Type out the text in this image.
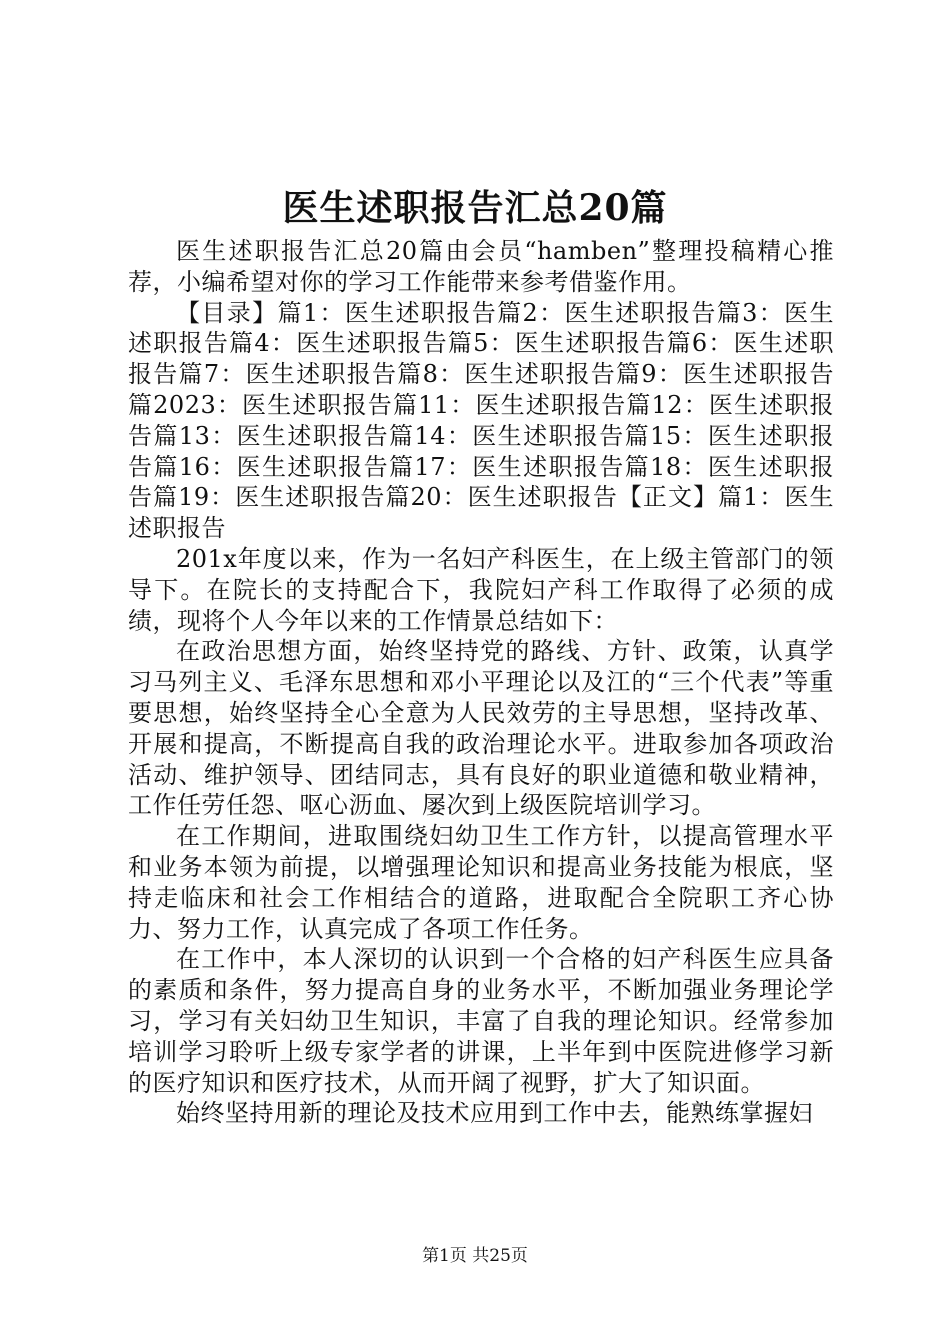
医生述职报告汇总20篇

医生述职报告汇总20篇由会员“hamben”整理投稿精心推荐，小编希望对你的学习工作能带来参考借鉴作用。

【目录】篇1：医生述职报告篇2：医生述职报告篇3：医生述职报告篇4：医生述职报告篇5：医生述职报告篇6：医生述职报告篇7：医生述职报告篇8：医生述职报告篇9：医生述职报告篇2023：医生述职报告篇11：医生述职报告篇12：医生述职报告篇13：医生述职报告篇14：医生述职报告篇15：医生述职报告篇16：医生述职报告篇17：医生述职报告篇18：医生述职报告篇19：医生述职报告篇20：医生述职报告【正文】篇1：医生述职报告

201x年度以来，作为一名妇产科医生，在上级主管部门的领导下。在院长的支持配合下，我院妇产科工作取得了必须的成绩，现将个人今年以来的工作情景总结如下：

在政治思想方面，始终坚持党的路线、方针、政策，认真学习马列主义、毛泽东思想和邓小平理论以及江的“三个代表”等重要思想，始终坚持全心全意为人民效劳的主导思想，坚持改革、开展和提高，不断提高自我的政治理论水平。进取参加各项政治活动、维护领导、团结同志，具有良好的职业道德和敬业精神，工作任劳任怨、呕心沥血、屡次到上级医院培训学习。

在工作期间，进取围绕妇幼卫生工作方针，以提高管理水平和业务本领为前提，以增强理论知识和提高业务技能为根底，坚持走临床和社会工作相结合的道路，进取配合全院职工齐心协力、努力工作，认真完成了各项工作任务。

在工作中，本人深切的认识到一个合格的妇产科医生应具备的素质和条件，努力提高自身的业务水平，不断加强业务理论学习，学习有关妇幼卫生知识，丰富了自我的理论知识。经常参加培训学习聆听上级专家学者的讲课，上半年到中医院进修学习新的医疗知识和医疗技术，从而开阔了视野，扩大了知识面。

始终坚持用新的理论及技术应用到工作中去，能熟练掌握妇

第1页 共25页
